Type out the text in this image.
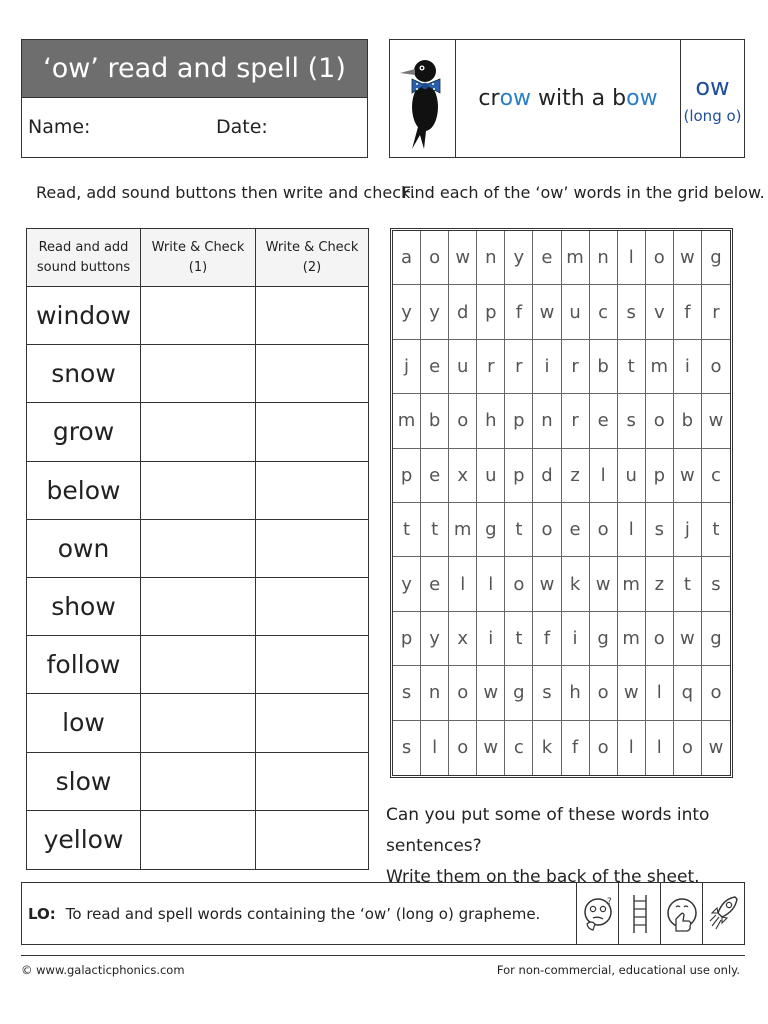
‘ow’ read and spell (1)
Name:	Date:
cr ow with a b ow ow
(long o)
Read, add sound buttons then write and check.
Find each of the ‘ow’ words in the grid below.
Read and add sound buttons
Write & Check (1)
Write & Check (2)
window
snow
grow
below
own
show
follow
low
slow
yellow
a o w n y e m n	l	o w g
y y d p	f w u c	s	v	f	r
j	e u	r	r	i	r	b	t m i	o
m b o h p n	r	e s o b w
p e x u p d z	l	u p w c
t	t m g	t	o e o	l	s	j	t
y e	l	l	o w k w m z	t	s
p y x	i	t	f	i	g m o w g
s n o w g s h o w	l	q o
s	l	o w c k	f	o	l	l	o w
Can you put some of these words into sentences?
Write them on the back of the sheet.
LO: To read and spell words containing the ‘ow’ (long o) grapheme.
?
© www.galacticphonics.com	For non-commercial, educational use only.
